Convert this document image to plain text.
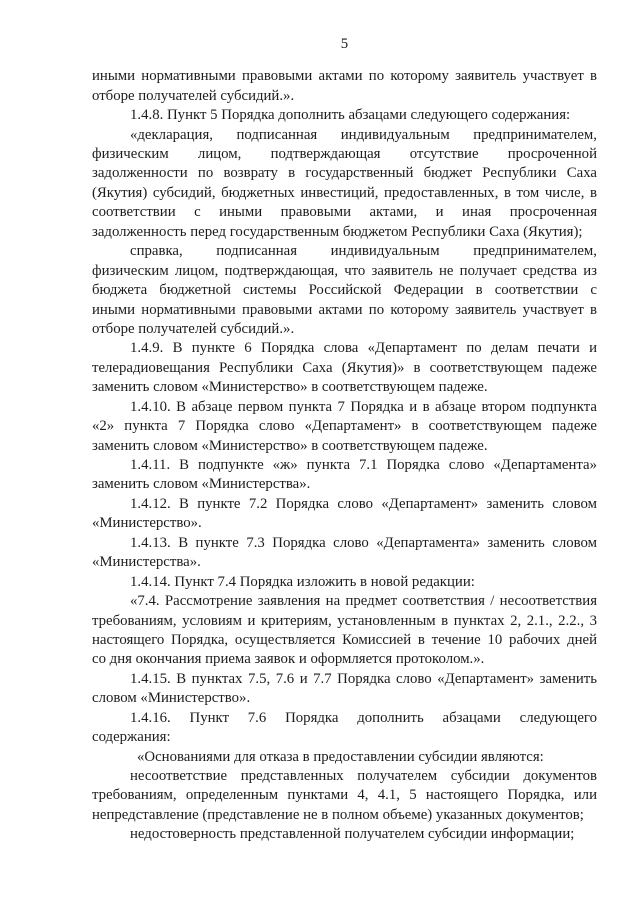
5
иными нормативными правовыми актами по которому заявитель участвует в
отборе получателей субсидий.».
1.4.8. Пункт 5 Порядка дополнить абзацами следующего содержания:
«декларация, подписанная индивидуальным предпринимателем,
физическим лицом, подтверждающая отсутствие просроченной
задолженности по возврату в государственный бюджет Республики Саха
(Якутия) субсидий, бюджетных инвестиций, предоставленных, в том числе, в
соответствии с иными правовыми актами, и иная просроченная
задолженность перед государственным бюджетом Республики Саха (Якутия);
справка, подписанная индивидуальным предпринимателем,
физическим лицом, подтверждающая, что заявитель не получает средства из
бюджета бюджетной системы Российской Федерации в соответствии с
иными нормативными правовыми актами по которому заявитель участвует в
отборе получателей субсидий.».
1.4.9. В пункте 6 Порядка слова «Департамент по делам печати и
телерадиовещания Республики Саха (Якутия)» в соответствующем падеже
заменить словом «Министерство» в соответствующем падеже.
1.4.10. В абзаце первом пункта 7 Порядка и в абзаце втором подпункта
«2» пункта 7 Порядка слово «Департамент» в соответствующем падеже
заменить словом «Министерство» в соответствующем падеже.
1.4.11. В подпункте «ж» пункта 7.1 Порядка слово «Департамента»
заменить словом «Министерства».
1.4.12. В пункте 7.2 Порядка слово «Департамент» заменить словом
«Министерство».
1.4.13. В пункте 7.3 Порядка слово «Департамента» заменить словом
«Министерства».
1.4.14. Пункт 7.4 Порядка изложить в новой редакции:
«7.4. Рассмотрение заявления на предмет соответствия / несоответствия
требованиям, условиям и критериям, установленным в пунктах 2, 2.1., 2.2., 3
настоящего Порядка, осуществляется Комиссией в течение 10 рабочих дней
со дня окончания приема заявок и оформляется протоколом.».
1.4.15. В пунктах 7.5, 7.6 и 7.7 Порядка слово «Департамент» заменить
словом «Министерство».
1.4.16. Пункт 7.6 Порядка дополнить абзацами следующего
содержания:
«Основаниями для отказа в предоставлении субсидии являются:
несоответствие представленных получателем субсидии документов
требованиям, определенным пунктами 4, 4.1, 5 настоящего Порядка, или
непредставление (представление не в полном объеме) указанных документов;
недостоверность представленной получателем субсидии информации;
